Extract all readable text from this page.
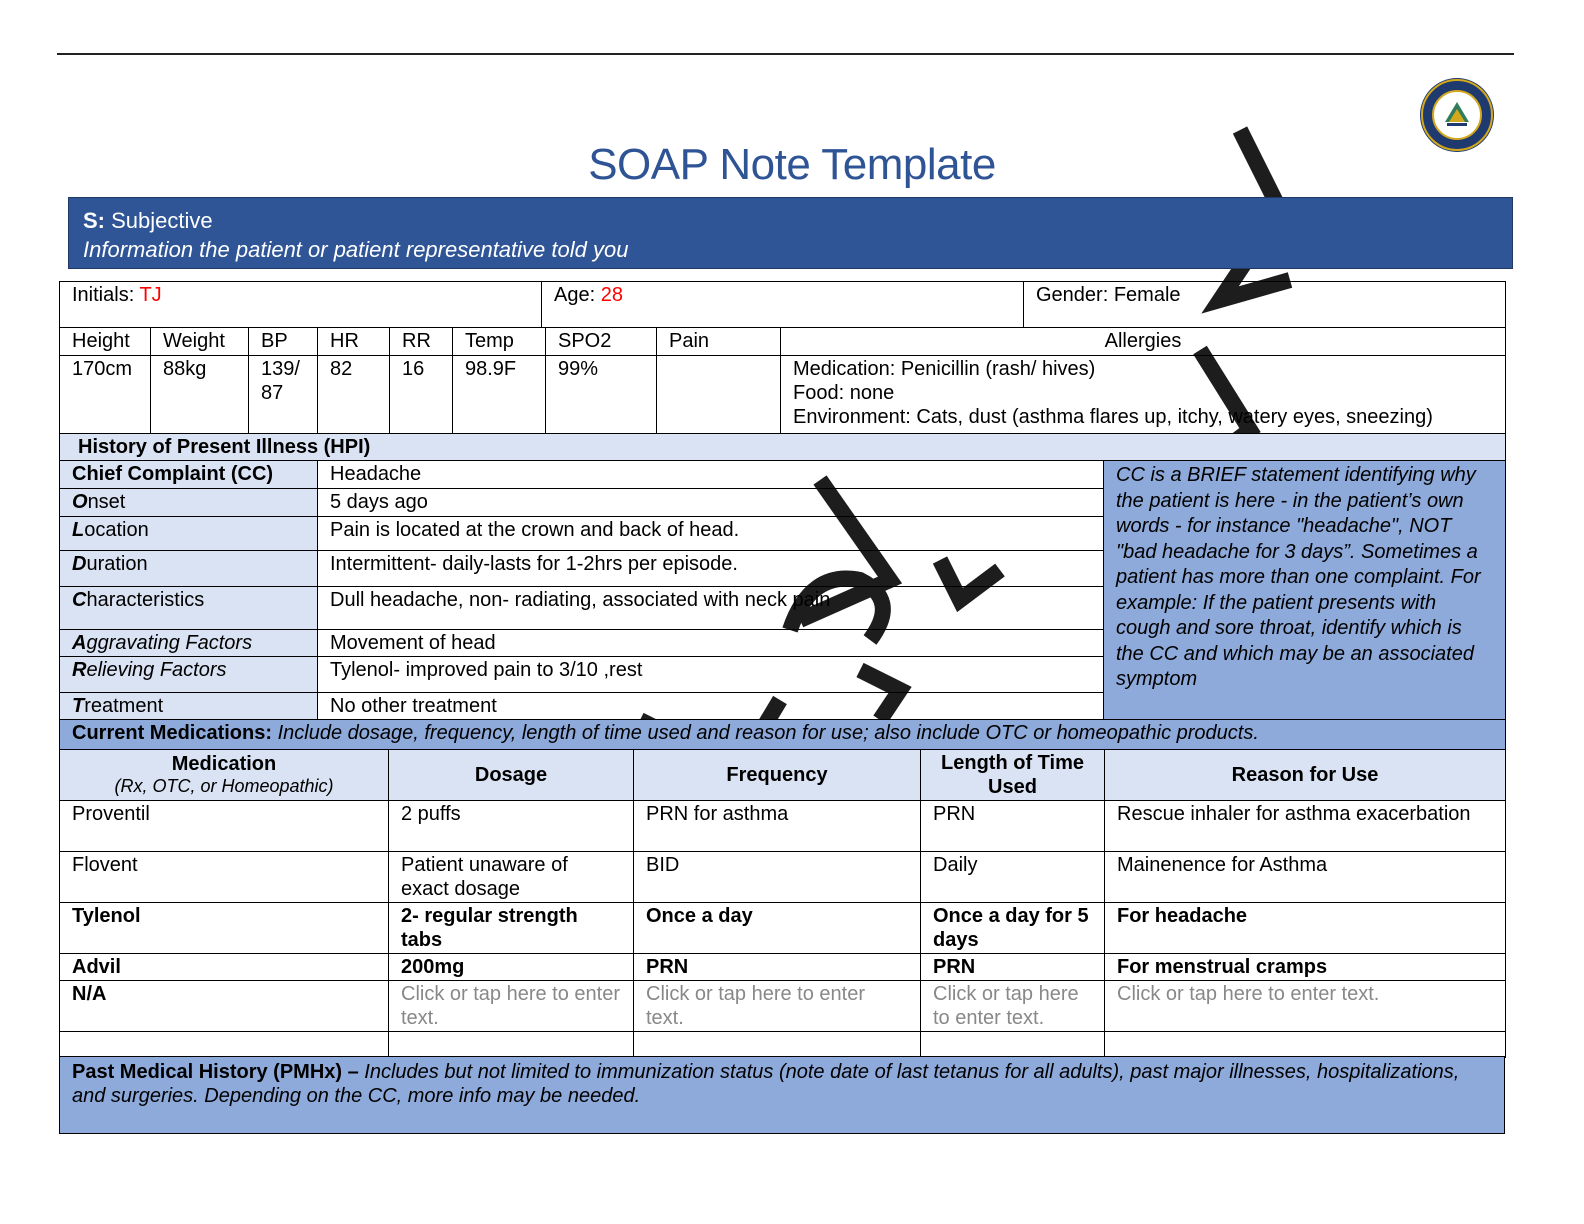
SOAP Note Template
S: Subjective
Information the patient or patient representative told you
Initials: TJ	Age: 28	Gender: Female
Height	Weight	BP	HR	RR	Temp	SPO2	Pain	Allergies
170cm	88kg	139/ 87	82	16	98.9F	99%		Medication: Penicillin (rash/ hives)
Food: none
Environment: Cats, dust (asthma flares up, itchy, watery eyes, sneezing)
History of Present Illness (HPI)		
Chief Complaint (CC)	Headache	CC is a BRIEF statement identifying why the patient is here - in the patient’s own words - for instance "headache", NOT "bad headache for 3 days”. Sometimes a patient has more than one complaint. For example: If the patient presents with cough and sore throat, identify which is the CC and which may be an associated symptom
Onset	5 days ago	
Location	Pain is located at the crown and back of head.	
Duration	Intermittent- daily-lasts for 1-2hrs per episode.	
Characteristics	Dull headache, non- radiating, associated with neck pain	
Aggravating Factors	Movement of head	
Relieving Factors	Tylenol- improved pain to 3/10 ,rest	
Treatment	No other treatment	
Current Medications: Include dosage, frequency, length of time used and reason for use; also include OTC or homeopathic products.				
Medication
(Rx, OTC, or Homeopathic)	Dosage	Frequency	Length of Time Used	Reason for Use
Proventil	2 puffs	PRN for asthma	PRN	Rescue inhaler for asthma exacerbation
Flovent	Patient unaware of exact dosage	BID	Daily	Mainenence for Asthma
Tylenol	2- regular strength tabs	Once a day	Once a day for 5 days	For headache
Advil	200mg	PRN	PRN	For menstrual cramps
N/A	Click or tap here to enter text.	Click or tap here to enter text.	Click or tap here to enter text.	Click or tap here to enter text.

Past Medical History (PMHx) – Includes but not limited to immunization status (note date of last tetanus for all adults), past major illnesses, hospitalizations, and surgeries. Depending on the CC, more info may be needed.
